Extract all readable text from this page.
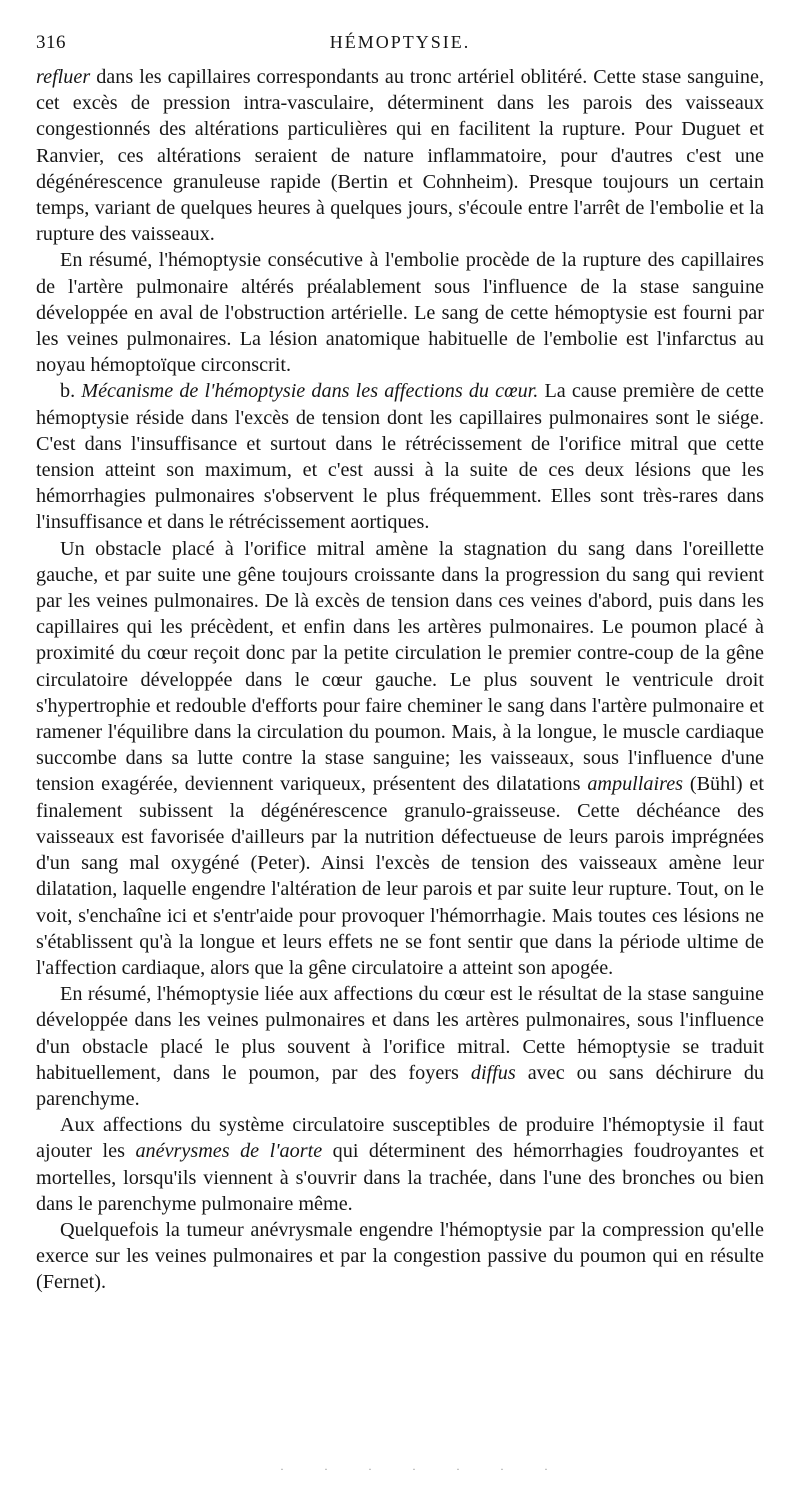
316	HÉMOPTYSIE.

refluer dans les capillaires correspondants au tronc artériel oblitéré. Cette stase sanguine, cet excès de pression intra-vasculaire, déterminent dans les parois des vaisseaux congestionnés des altérations particulières qui en facilitent la rupture. Pour Duguet et Ranvier, ces altérations seraient de nature inflammatoire, pour d'autres c'est une dégénérescence granuleuse rapide (Bertin et Cohnheim). Presque toujours un certain temps, variant de quelques heures à quelques jours, s'écoule entre l'arrêt de l'embolie et la rupture des vaisseaux.

En résumé, l'hémoptysie consécutive à l'embolie procède de la rupture des capillaires de l'artère pulmonaire altérés préalablement sous l'influence de la stase sanguine développée en aval de l'obstruction artérielle. Le sang de cette hémoptysie est fourni par les veines pulmonaires. La lésion anatomique habituelle de l'embolie est l'infarctus au noyau hémoptoïque circonscrit.

b. Mécanisme de l'hémoptysie dans les affections du cœur. La cause première de cette hémoptysie réside dans l'excès de tension dont les capillaires pulmonaires sont le siége. C'est dans l'insuffisance et surtout dans le rétrécissement de l'orifice mitral que cette tension atteint son maximum, et c'est aussi à la suite de ces deux lésions que les hémorrhagies pulmonaires s'observent le plus fréquemment. Elles sont très-rares dans l'insuffisance et dans le rétrécissement aortiques.

Un obstacle placé à l'orifice mitral amène la stagnation du sang dans l'oreillette gauche, et par suite une gêne toujours croissante dans la progression du sang qui revient par les veines pulmonaires. De là excès de tension dans ces veines d'abord, puis dans les capillaires qui les précèdent, et enfin dans les artères pulmonaires. Le poumon placé à proximité du cœur reçoit donc par la petite circulation le premier contre-coup de la gêne circulatoire développée dans le cœur gauche. Le plus souvent le ventricule droit s'hypertrophie et redouble d'efforts pour faire cheminer le sang dans l'artère pulmonaire et ramener l'équilibre dans la circulation du poumon. Mais, à la longue, le muscle cardiaque succombe dans sa lutte contre la stase sanguine; les vaisseaux, sous l'influence d'une tension exagérée, deviennent variqueux, présentent des dilatations ampullaires (Bühl) et finalement subissent la dégénérescence granulo-graisseuse. Cette déchéance des vaisseaux est favorisée d'ailleurs par la nutrition défectueuse de leurs parois imprégnées d'un sang mal oxygéné (Peter). Ainsi l'excès de tension des vaisseaux amène leur dilatation, laquelle engendre l'altération de leur parois et par suite leur rupture. Tout, on le voit, s'enchaîne ici et s'entr'aide pour provoquer l'hémorrhagie. Mais toutes ces lésions ne s'établissent qu'à la longue et leurs effets ne se font sentir que dans la période ultime de l'affection cardiaque, alors que la gêne circulatoire a atteint son apogée.

En résumé, l'hémoptysie liée aux affections du cœur est le résultat de la stase sanguine développée dans les veines pulmonaires et dans les artères pulmonaires, sous l'influence d'un obstacle placé le plus souvent à l'orifice mitral. Cette hémoptysie se traduit habituellement, dans le poumon, par des foyers diffus avec ou sans déchirure du parenchyme.

Aux affections du système circulatoire susceptibles de produire l'hémoptysie il faut ajouter les anévrysmes de l'aorte qui déterminent des hémorrhagies foudroyantes et mortelles, lorsqu'ils viennent à s'ouvrir dans la trachée, dans l'une des bronches ou bien dans le parenchyme pulmonaire même.

Quelquefois la tumeur anévrysmale engendre l'hémoptysie par la compression qu'elle exerce sur les veines pulmonaires et par la congestion passive du poumon qui en résulte (Fernet).

·······
